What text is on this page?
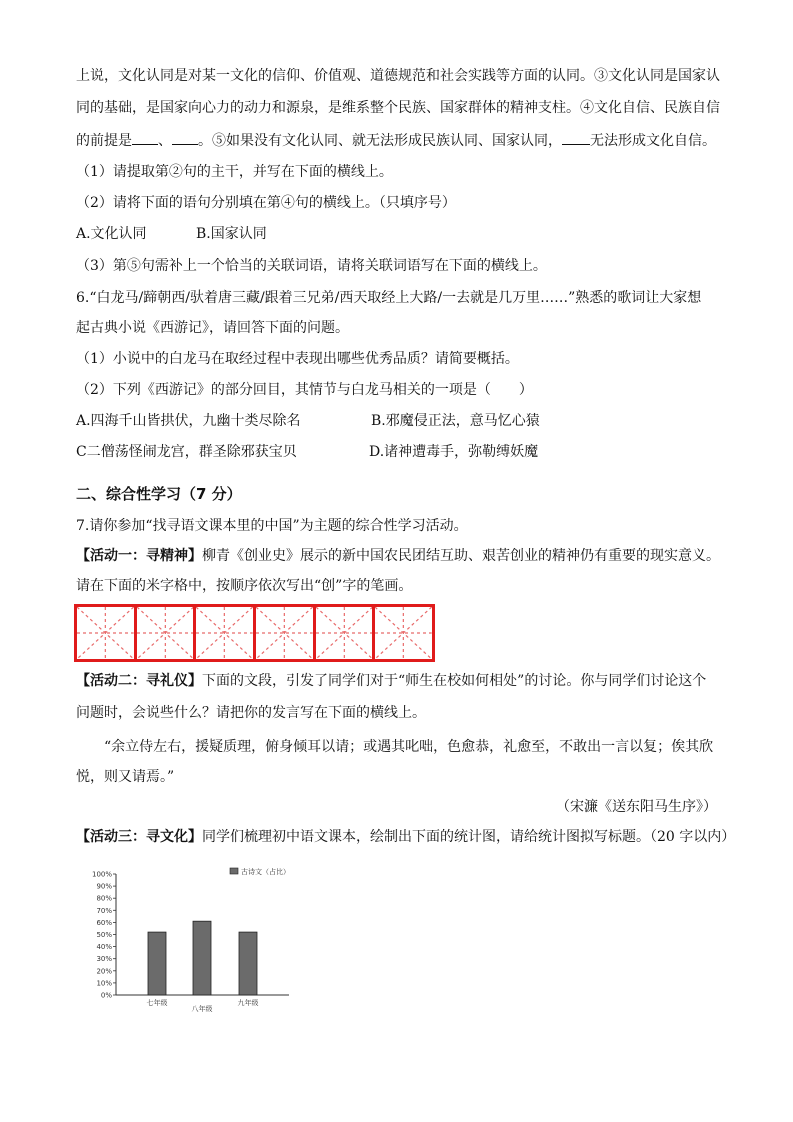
上说，文化认同是对某一文化的信仰、价值观、道德规范和社会实践等方面的认同。③文化认同是国家认
同的基础，是国家向心力的动力和源泉，是维系整个民族、国家群体的精神支柱。④文化自信、民族自信
的前提是 、 。⑤如果没有文化认同、就无法形成民族认同、国家认同， 无法形成文化自信。
（1）请提取第②句的主干，并写在下面的横线上。
（2）请将下面的语句分别填在第④句的横线上。（只填序号）
A.文化认同	B.国家认同
（3）第⑤句需补上一个恰当的关联词语，请将关联词语写在下面的横线上。
6.“白龙马/蹄朝西/驮着唐三藏/跟着三兄弟/西天取经上大路/一去就是几万里……”熟悉的歌词让大家想
起古典小说《西游记》，请回答下面的问题。
（1）小说中的白龙马在取经过程中表现出哪些优秀品质？请简要概括。
（2）下列《西游记》的部分回目，其情节与白龙马相关的一项是（　　）
A.四海千山皆拱伏，九幽十类尽除名	B.邪魔侵正法，意马忆心猿
C二僧荡怪闹龙宫，群圣除邪获宝贝	D.诸神遭毒手，弥勒缚妖魔
二、综合性学习（7 分）
7.请你参加“找寻语文课本里的中国”为主题的综合性学习活动。
【活动一：寻精神】柳青《创业史》展示的新中国农民团结互助、艰苦创业的精神仍有重要的现实意义。
请在下面的米字格中，按顺序依次写出“创”字的笔画。
【活动二：寻礼仪】下面的文段，引发了同学们对于“师生在校如何相处”的讨论。你与同学们讨论这个
问题时，会说些什么？请把你的发言写在下面的横线上。
“余立侍左右，援疑质理，俯身倾耳以请；或遇其叱咄，色愈恭，礼愈至，不敢出一言以复；俟其欣
悦，则又请焉。”
（宋濂《送东阳马生序》）
【活动三：寻文化】同学们梳理初中语文课本，绘制出下面的统计图，请给统计图拟写标题。（20 字以内）
0%
10%
20%
30%
40%
50%
60%
70%
80%
90%
100%	古诗文（占比）
七年级
八年级
九年级
